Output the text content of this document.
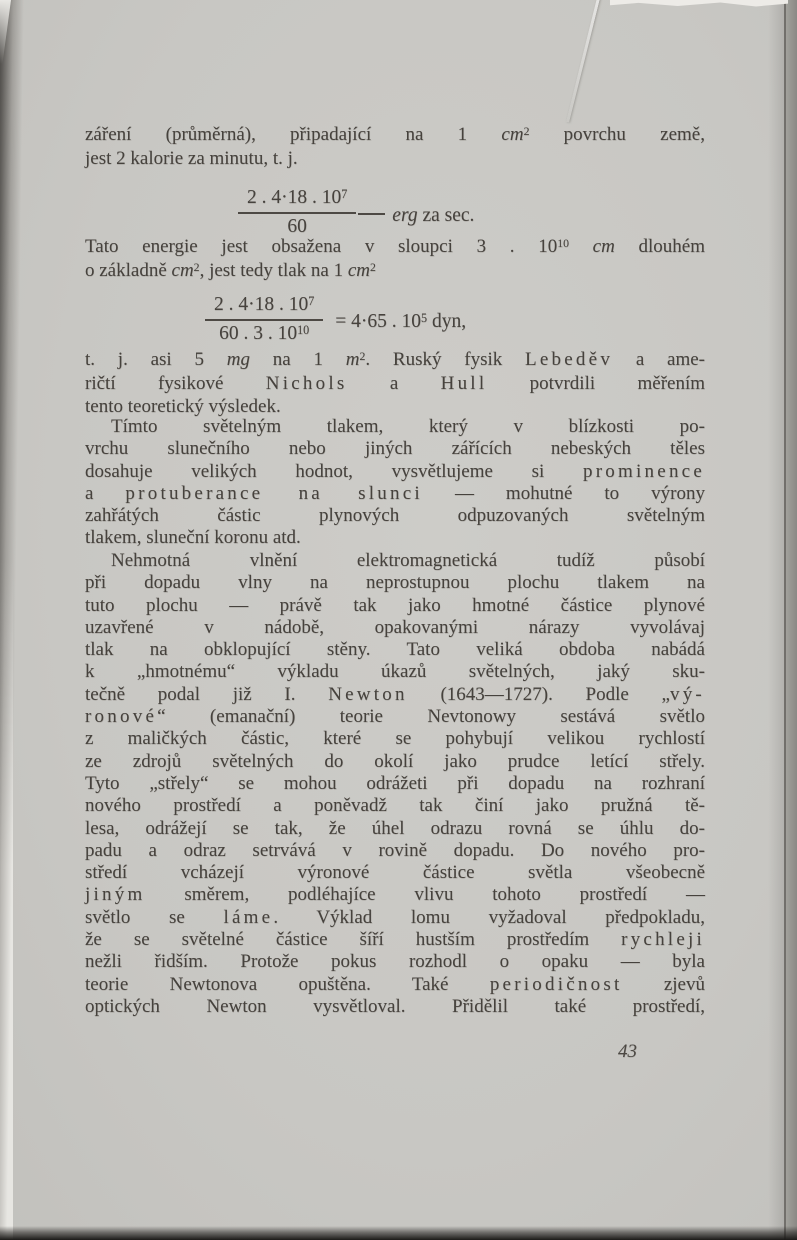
záření (průměrná), připadající na 1 $cm^2$ povrchu země,
jest 2 kalorie za minutu, t. j.
$\frac{2 . 4\cdot 18 . 10^7}{60}$ erg za sec.
Tato energie jest obsažena v sloupci 3 . $10^{10}$ cm dlouhém
o základně $cm^2$, jest tedy tlak na 1 $cm^2$
$\frac{2 . 4\cdot 18 . 10^7}{60 . 3 . 10^{10}} = 4\cdot 65$ . $10^5$ dyn,
t. j. asi 5 mg na 1 $m^2$. Ruský fysik Lebeděv a ame-
ričtí fysikové Nichols a Hull potvrdili měřením
tento teoretický výsledek.
Tímto světelným tlakem, který v blízkosti po-
vrchu slunečního nebo jiných zářících nebeských těles
dosahuje velikých hodnot, vysvětlujeme si prominence
a protuberance na slunci — mohutné to výrony
zahřátých částic plynových odpuzovaných světelným
tlakem, sluneční koronu atd.
Nehmotná vlnění elektromagnetická tudíž působí
při dopadu vlny na neprostupnou plochu tlakem na
tuto plochu — právě tak jako hmotné částice plynové
uzavřené v nádobě, opakovanými nárazy vyvolávaj
tlak na obklopující stěny. Tato veliká obdoba nabádá
k „hmotnému“ výkladu úkazů světelných, jaký sku-
tečně podal již I. Newton (1643—1727). Podle „vý-
ronové“ (emanační) teorie Nevtonowy sestává světlo
z maličkých částic, které se pohybují velikou rychlostí
ze zdrojů světelných do okolí jako prudce letící střely.
Tyto „střely“ se mohou odrážeti při dopadu na rozhraní
nového prostředí a poněvadž tak činí jako pružná tě-
lesa, odrážejí se tak, že úhel odrazu rovná se úhlu do-
padu a odraz setrvává v rovině dopadu. Do nového pro-
středí vcházejí výronové částice světla všeobecně
jiným směrem, podléhajíce vlivu tohoto prostředí —
světlo se láme. Výklad lomu vyžadoval předpokladu,
že se světelné částice šíří hustším prostředím rychleji
nežli řidším. Protože pokus rozhodl o opaku — byla
teorie Newtonova opuštěna. Také periodičnost zjevů
optických Newton vysvětloval. Přidělil také prostředí,
43
